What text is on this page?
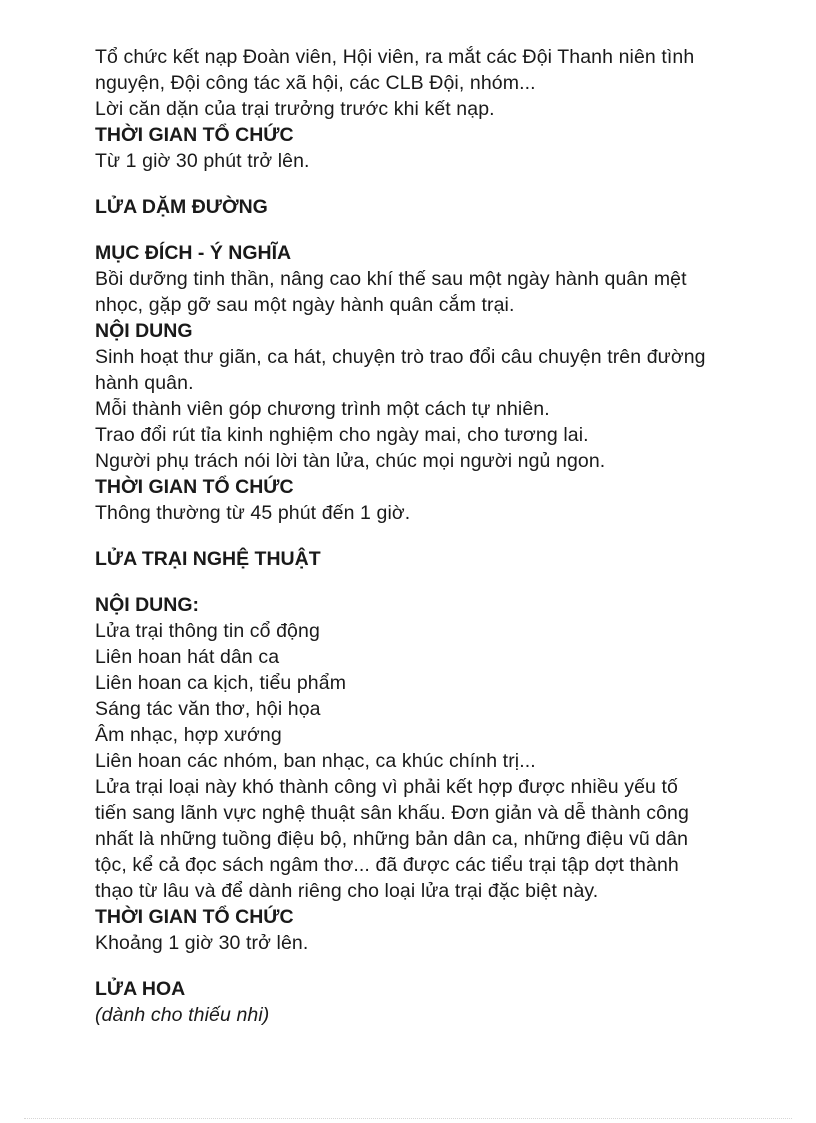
Tổ chức kết nạp Đoàn viên, Hội viên, ra mắt các Đội Thanh niên tình
nguyện, Đội công tác xã hội, các CLB Đội, nhóm...
Lời căn dặn của trại trưởng trước khi kết nạp.
THỜI GIAN TỔ CHỨC
Từ 1 giờ 30 phút trở lên.
LỬA DẶM ĐƯỜNG
MỤC ĐÍCH - Ý NGHĨA
Bồi dưỡng tinh thần, nâng cao khí thế sau một ngày hành quân mệt
nhọc, gặp gỡ sau một ngày hành quân cắm trại.
NỘI DUNG
Sinh hoạt thư giãn, ca hát, chuyện trò trao đổi câu chuyện trên đường
hành quân.
Mỗi thành viên góp chương trình một cách tự nhiên.
Trao đổi rút tỉa kinh nghiệm cho ngày mai, cho tương lai.
Người phụ trách nói lời tàn lửa, chúc mọi người ngủ ngon.
THỜI GIAN TỔ CHỨC
Thông thường từ 45 phút đến 1 giờ.
LỬA TRẠI NGHỆ THUẬT
NỘI DUNG:
Lửa trại thông tin cổ động
Liên hoan hát dân ca
Liên hoan ca kịch, tiểu phẩm
Sáng tác văn thơ, hội họa
Âm nhạc, hợp xướng
Liên hoan các nhóm, ban nhạc, ca khúc chính trị...
Lửa trại loại này khó thành công vì phải kết hợp được nhiều yếu tố
tiến sang lãnh vực nghệ thuật sân khấu. Đơn giản và dễ thành công
nhất là những tuồng điệu bộ, những bản dân ca, những điệu vũ dân
tộc, kể cả đọc sách ngâm thơ... đã được các tiểu trại tập dợt thành
thạo từ lâu và để dành riêng cho loại lửa trại đặc biệt này.
THỜI GIAN TỔ CHỨC
Khoảng 1 giờ 30 trở lên.
LỬA HOA
(dành cho thiếu nhi)
